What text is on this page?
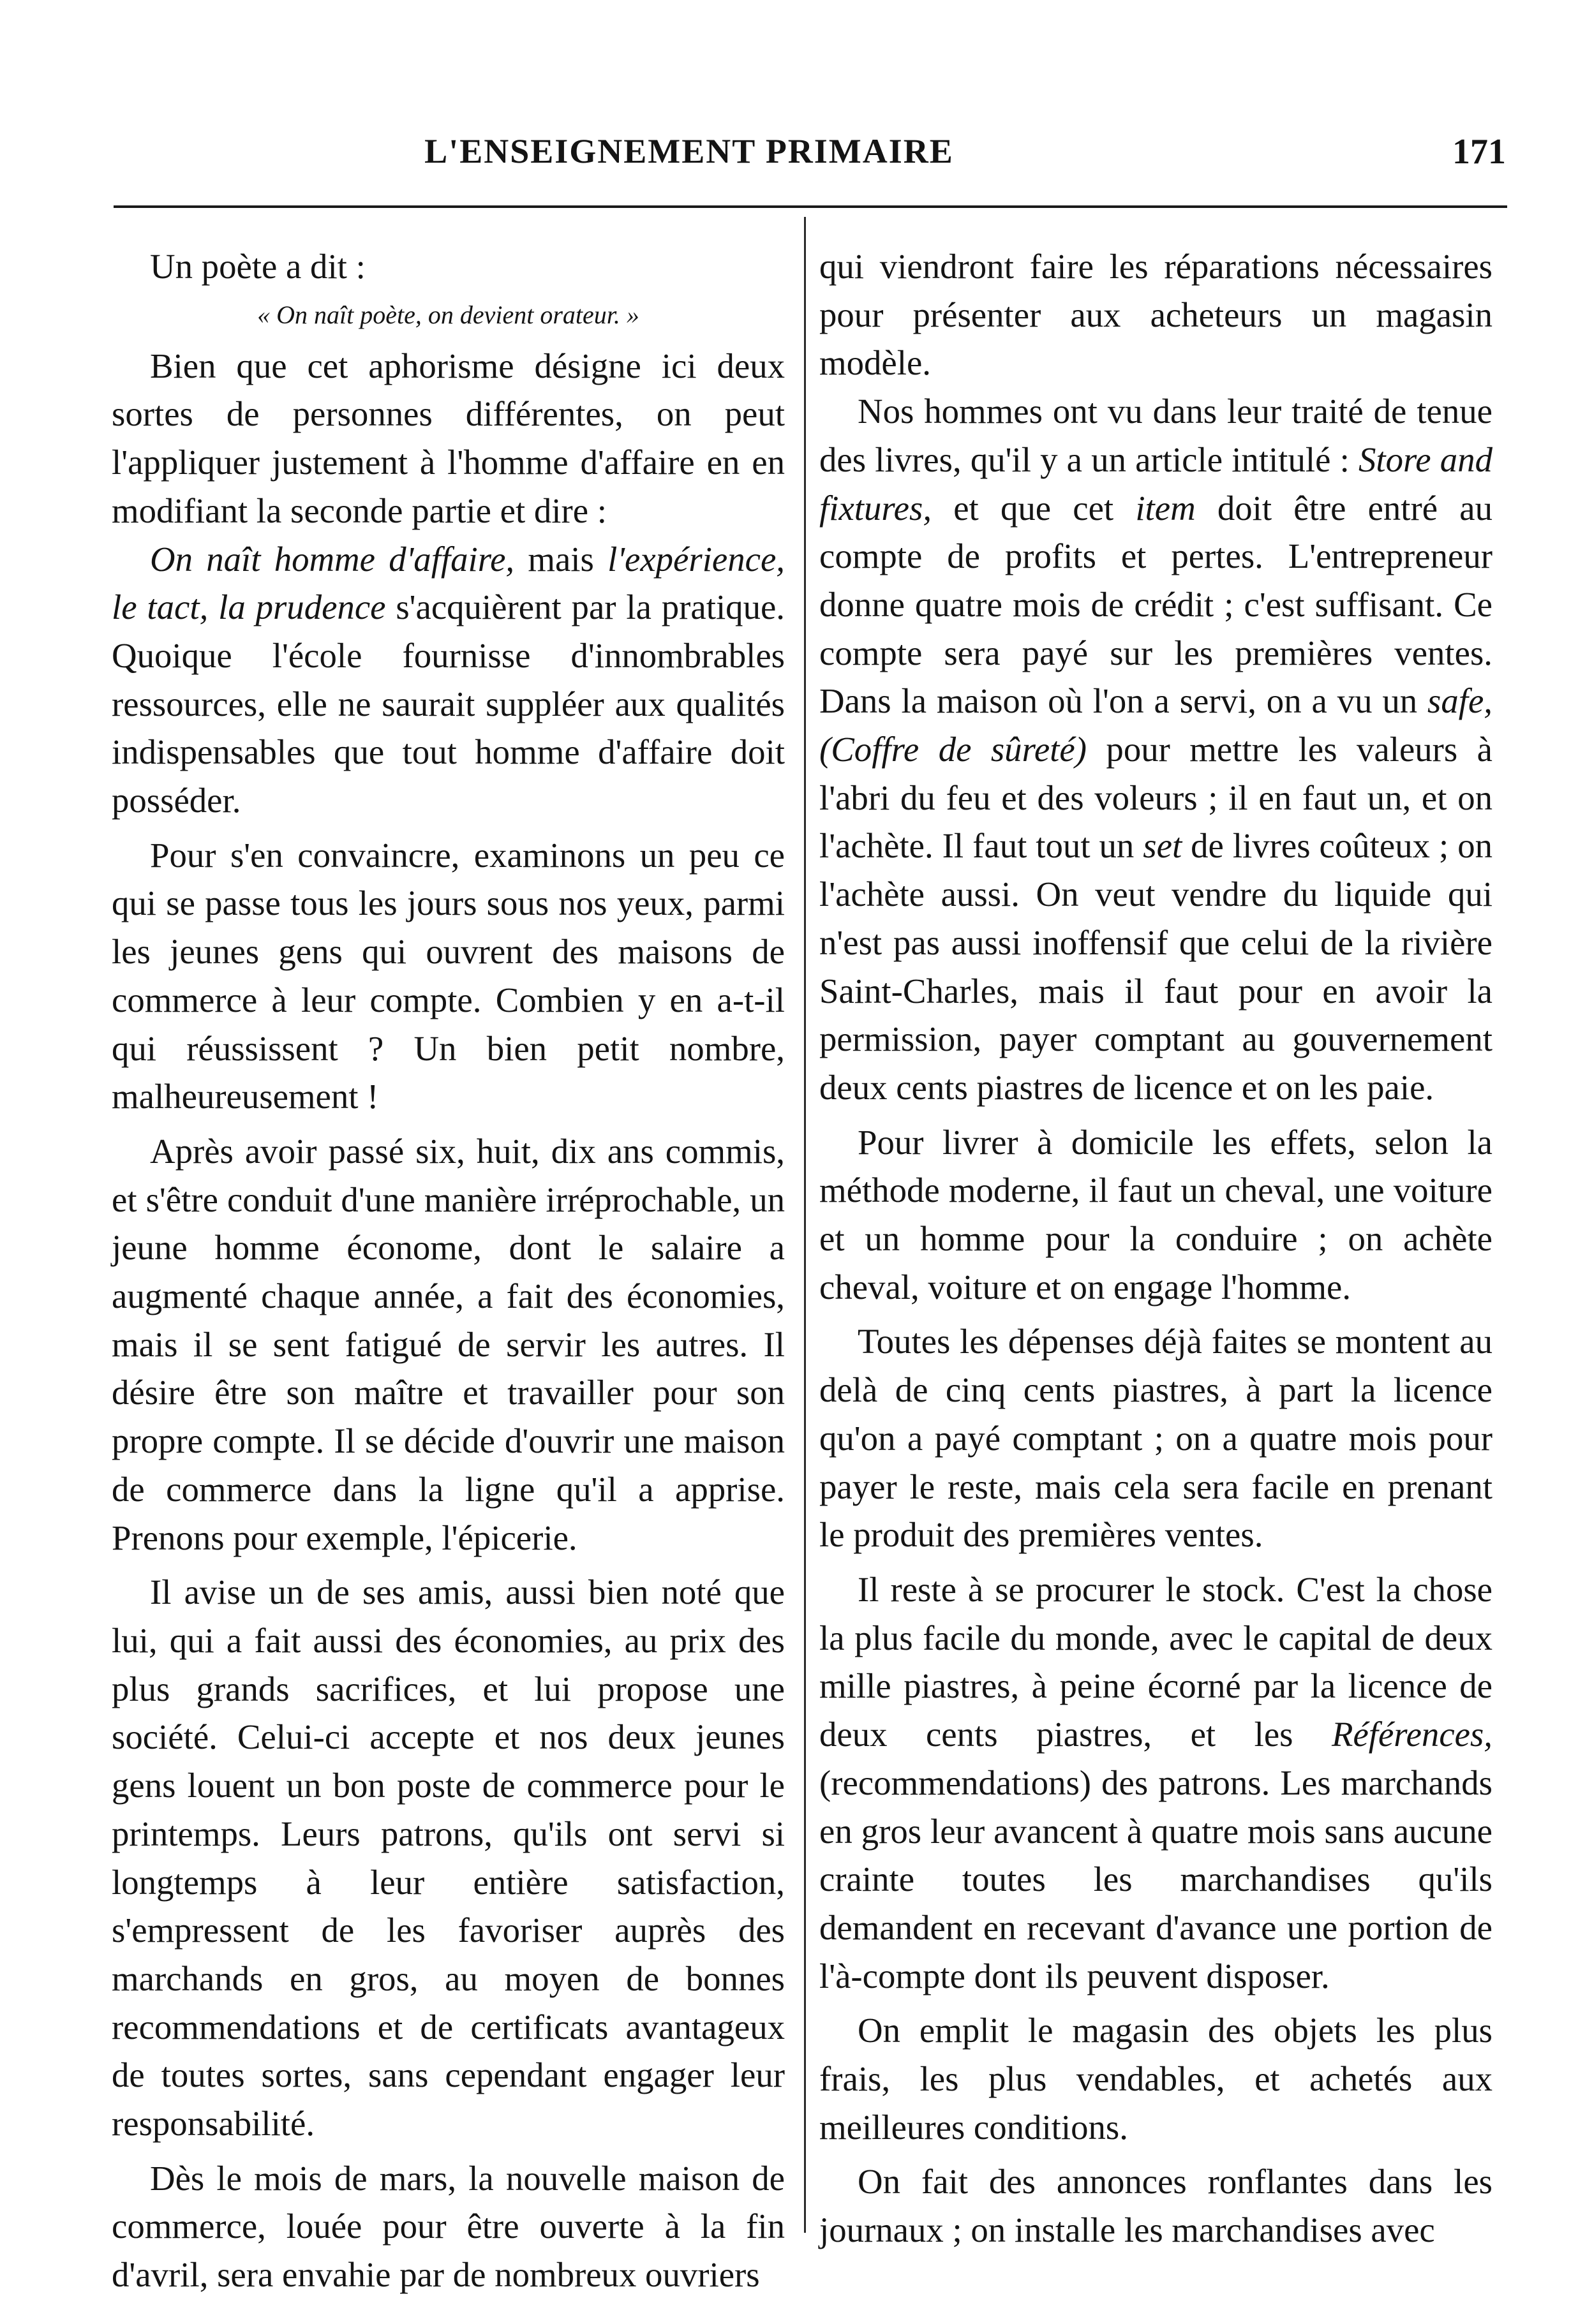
L'ENSEIGNEMENT PRIMAIRE	171

Un poète a dit :

« On naît poète, on devient orateur. »

Bien que cet aphorisme désigne ici deux sortes de personnes différentes, on peut l'appliquer justement à l'homme d'affaire en en modifiant la seconde partie et dire :

On naît homme d'affaire, mais l'expérience, le tact, la prudence s'acquièrent par la pratique. Quoique l'école fournisse d'innombrables ressources, elle ne saurait suppléer aux qualités indispensables que tout homme d'affaire doit posséder.

Pour s'en convaincre, examinons un peu ce qui se passe tous les jours sous nos yeux, parmi les jeunes gens qui ouvrent des maisons de commerce à leur compte. Combien y en a-t-il qui réussissent ? Un bien petit nombre, malheureusement !

Après avoir passé six, huit, dix ans commis, et s'être conduit d'une manière irréprochable, un jeune homme économe, dont le salaire a augmenté chaque année, a fait des économies, mais il se sent fatigué de servir les autres. Il désire être son maître et travailler pour son propre compte. Il se décide d'ouvrir une maison de commerce dans la ligne qu'il a apprise. Prenons pour exemple, l'épicerie.

Il avise un de ses amis, aussi bien noté que lui, qui a fait aussi des économies, au prix des plus grands sacrifices, et lui propose une société. Celui-ci accepte et nos deux jeunes gens louent un bon poste de commerce pour le printemps. Leurs patrons, qu'ils ont servi si longtemps à leur entière satisfaction, s'empressent de les favoriser auprès des marchands en gros, au moyen de bonnes recommendations et de certificats avantageux de toutes sortes, sans cependant engager leur responsabilité.

Dès le mois de mars, la nouvelle maison de commerce, louée pour être ouverte à la fin d'avril, sera envahie par de nombreux ouvriers

qui viendront faire les réparations nécessaires pour présenter aux acheteurs un magasin modèle.

Nos hommes ont vu dans leur traité de tenue des livres, qu'il y a un article intitulé : Store and fixtures, et que cet item doit être entré au compte de profits et pertes. L'entrepreneur donne quatre mois de crédit ; c'est suffisant. Ce compte sera payé sur les premières ventes. Dans la maison où l'on a servi, on a vu un safe, (Coffre de sûreté) pour mettre les valeurs à l'abri du feu et des voleurs ; il en faut un, et on l'achète. Il faut tout un set de livres coûteux ; on l'achète aussi. On veut vendre du liquide qui n'est pas aussi inoffensif que celui de la rivière Saint-Charles, mais il faut pour en avoir la permission, payer comptant au gouvernement deux cents piastres de licence et on les paie.

Pour livrer à domicile les effets, selon la méthode moderne, il faut un cheval, une voiture et un homme pour la conduire ; on achète cheval, voiture et on engage l'homme.

Toutes les dépenses déjà faites se montent au delà de cinq cents piastres, à part la licence qu'on a payé comptant ; on a quatre mois pour payer le reste, mais cela sera facile en prenant le produit des premières ventes.

Il reste à se procurer le stock. C'est la chose la plus facile du monde, avec le capital de deux mille piastres, à peine écorné par la licence de deux cents piastres, et les Références, (recommendations) des patrons. Les marchands en gros leur avancent à quatre mois sans aucune crainte toutes les marchandises qu'ils demandent en recevant d'avance une portion de l'à-compte dont ils peuvent disposer.

On emplit le magasin des objets les plus frais, les plus vendables, et achetés aux meilleures conditions.

On fait des annonces ronflantes dans les journaux ; on installe les marchandises avec
